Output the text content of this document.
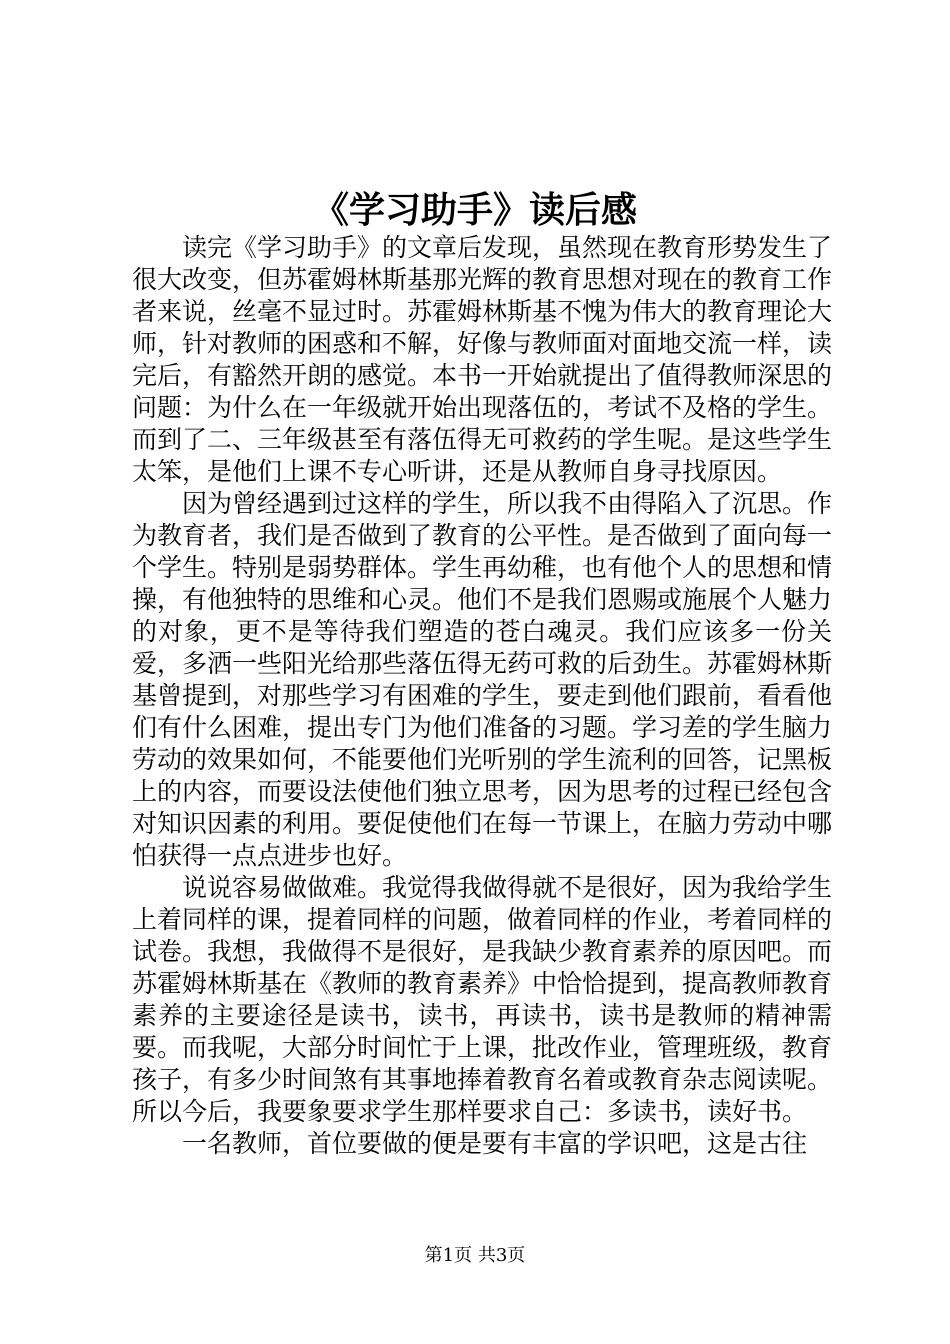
《学习助手》读后感

读完《学习助手》的文章后发现，虽然现在教育形势发生了很大改变，但苏霍姆林斯基那光辉的教育思想对现在的教育工作者来说，丝毫不显过时。苏霍姆林斯基不愧为伟大的教育理论大师，针对教师的困惑和不解，好像与教师面对面地交流一样，读完后，有豁然开朗的感觉。本书一开始就提出了值得教师深思的问题：为什么在一年级就开始出现落伍的，考试不及格的学生。而到了二、三年级甚至有落伍得无可救药的学生呢。是这些学生太笨，是他们上课不专心听讲，还是从教师自身寻找原因。

因为曾经遇到过这样的学生，所以我不由得陷入了沉思。作为教育者，我们是否做到了教育的公平性。是否做到了面向每一个学生。特别是弱势群体。学生再幼稚，也有他个人的思想和情操，有他独特的思维和心灵。他们不是我们恩赐或施展个人魅力的对象，更不是等待我们塑造的苍白魂灵。我们应该多一份关爱，多洒一些阳光给那些落伍得无药可救的后劲生。苏霍姆林斯基曾提到，对那些学习有困难的学生，要走到他们跟前，看看他们有什么困难，提出专门为他们准备的习题。学习差的学生脑力劳动的效果如何，不能要他们光听别的学生流利的回答，记黑板上的内容，而要设法使他们独立思考，因为思考的过程已经包含对知识因素的利用。要促使他们在每一节课上，在脑力劳动中哪怕获得一点点进步也好。

说说容易做做难。我觉得我做得就不是很好，因为我给学生上着同样的课，提着同样的问题，做着同样的作业，考着同样的试卷。我想，我做得不是很好，是我缺少教育素养的原因吧。而苏霍姆林斯基在《教师的教育素养》中恰恰提到，提高教师教育素养的主要途径是读书，读书，再读书，读书是教师的精神需要。而我呢，大部分时间忙于上课，批改作业，管理班级，教育孩子，有多少时间煞有其事地捧着教育名着或教育杂志阅读呢。所以今后，我要象要求学生那样要求自己：多读书，读好书。

一名教师，首位要做的便是要有丰富的学识吧，这是古往

第1页 共3页
